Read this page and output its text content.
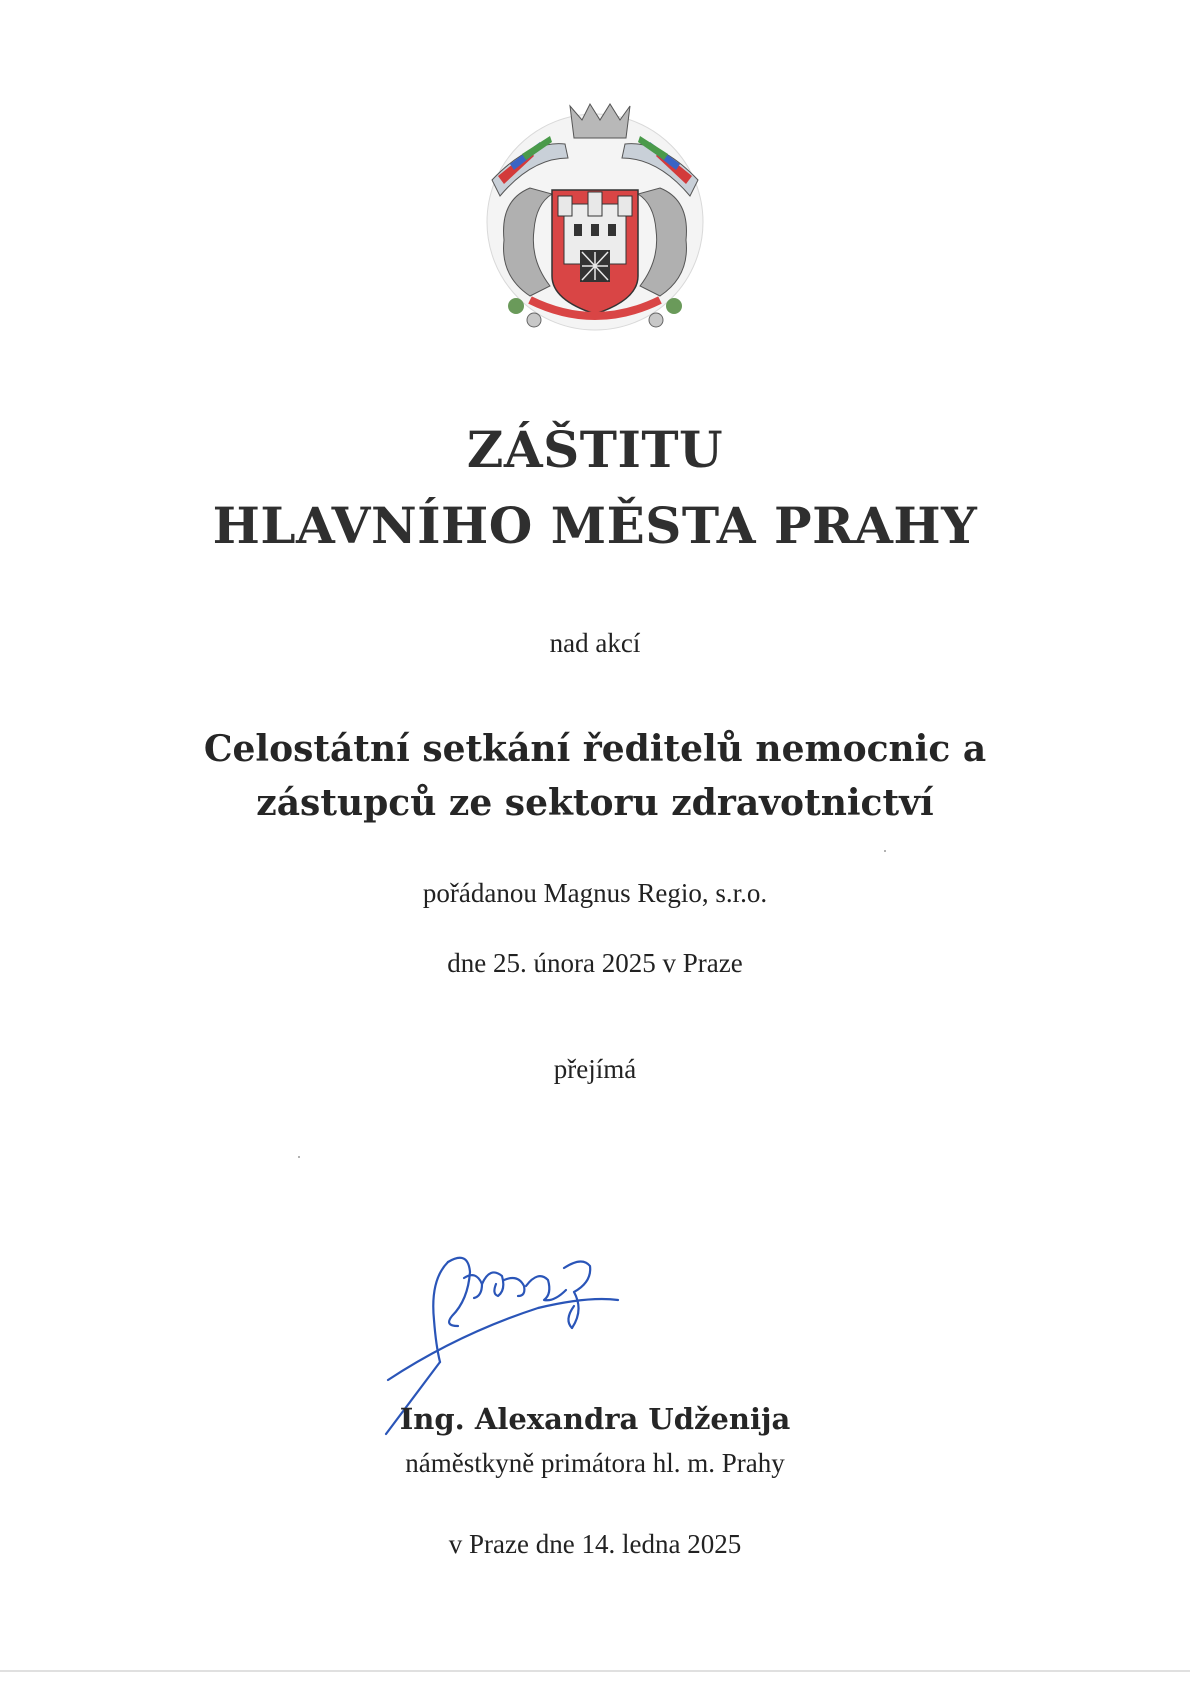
ZÁŠTITU
HLAVNÍHO MĚSTA PRAHY
nad akcí
Celostátní setkání ředitelů nemocnic a
zástupců ze sektoru zdravotnictví
pořádanou Magnus Regio, s.r.o.
dne 25. února 2025 v Praze
přejímá
Ing. Alexandra Udženija
náměstkyně primátora hl. m. Prahy
v Praze dne 14. ledna 2025
